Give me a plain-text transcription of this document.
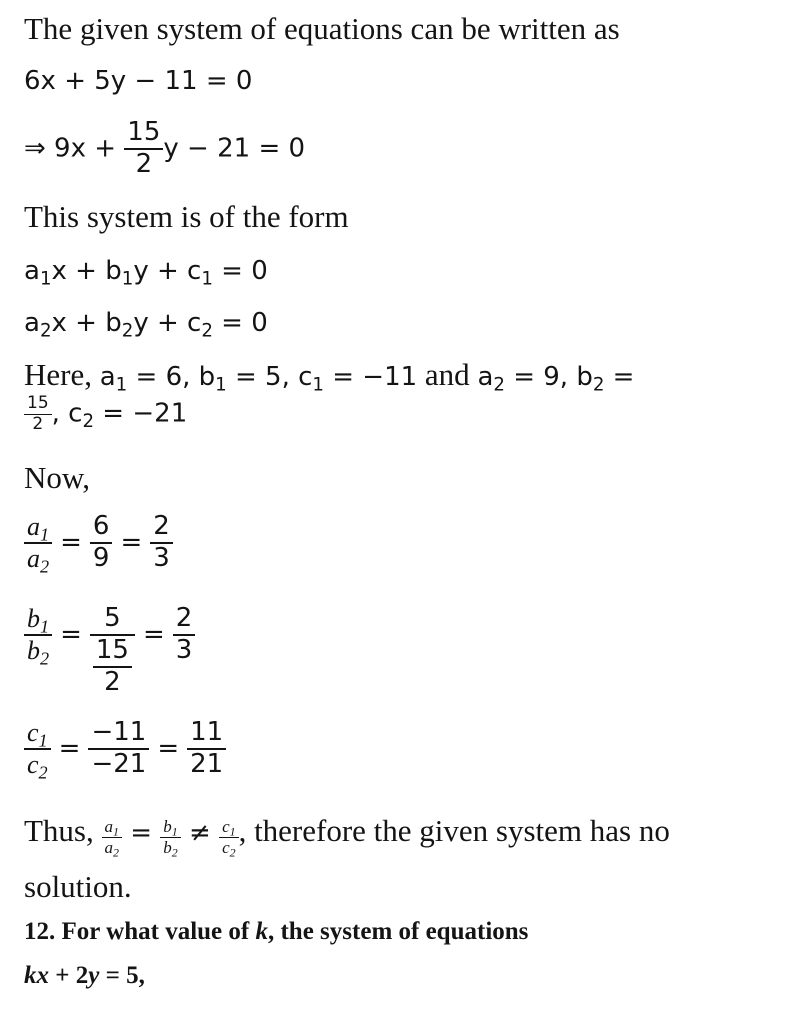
The given system of equations can be written as
6x + 5y − 11 = 0
⇒ $9x + \frac{15}{2}$ y − 21 = 0
This system is of the form
$a_1x + b_1y + c_1 = 0$
$a_2x + b_2y + c_2 = 0$
Here, $a_1 = 6$, $b_1 = 5$, $c_1 = -11$ and $a_2 = 9$, $b_2$ =
$\frac{15}{2}$ , $c_2 = -21$
Now,
$\frac{a_1}{a_2} = \frac{6}{9} = \frac{2}{3}$
$\frac{b_1}{b_2} = \frac{5}{\frac{15}{2}} = \frac{2}{3}$
$\frac{c_1}{c_2} = \frac{-11}{-21} = \frac{11}{21}$
Thus, $\frac{a_1}{a_2} = \frac{b_1}{b_2} \ne \frac{c_1}{c_2}$ , therefore the given system has no
solution.
12. For what value of k, the system of equations
kx + 2y = 5,
